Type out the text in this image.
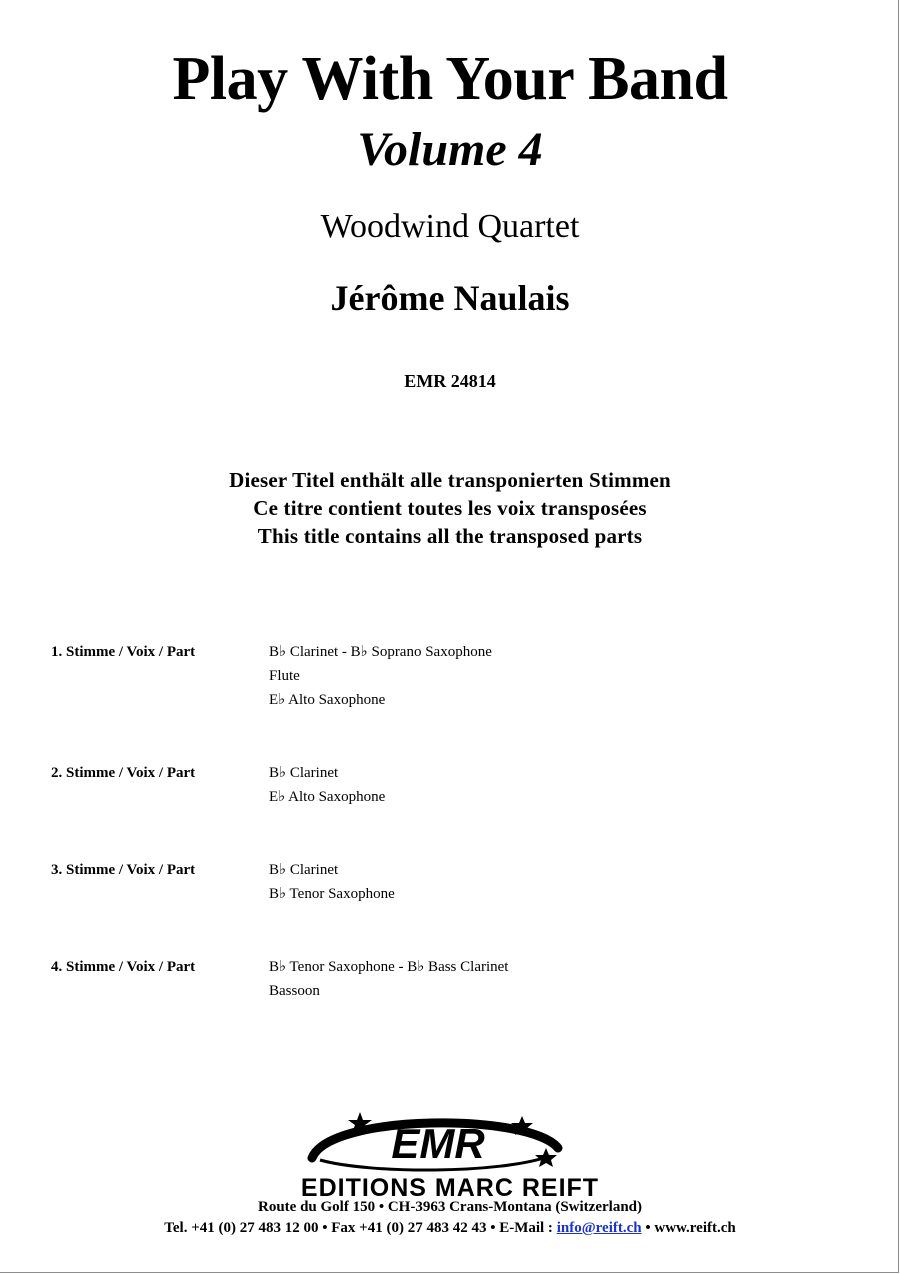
Play With Your Band
Volume 4
Woodwind Quartet
Jérôme Naulais
EMR 24814
Dieser Titel enthält alle transponierten Stimmen
Ce titre contient toutes les voix transposées
This title contains all the transposed parts
1. Stimme / Voix / Part	B♭ Clarinet - B♭ Soprano Saxophone
Flute
E♭ Alto Saxophone
2. Stimme / Voix / Part	B♭ Clarinet
E♭ Alto Saxophone
3. Stimme / Voix / Part	B♭ Clarinet
B♭ Tenor Saxophone
4. Stimme / Voix / Part	B♭ Tenor Saxophone - B♭ Bass Clarinet
Bassoon
EMR
EDITIONS MARC REIFT
Route du Golf 150 • CH-3963 Crans-Montana (Switzerland)
Tel. +41 (0) 27 483 12 00 • Fax +41 (0) 27 483 42 43 • E-Mail : info@reift.ch • www.reift.ch
